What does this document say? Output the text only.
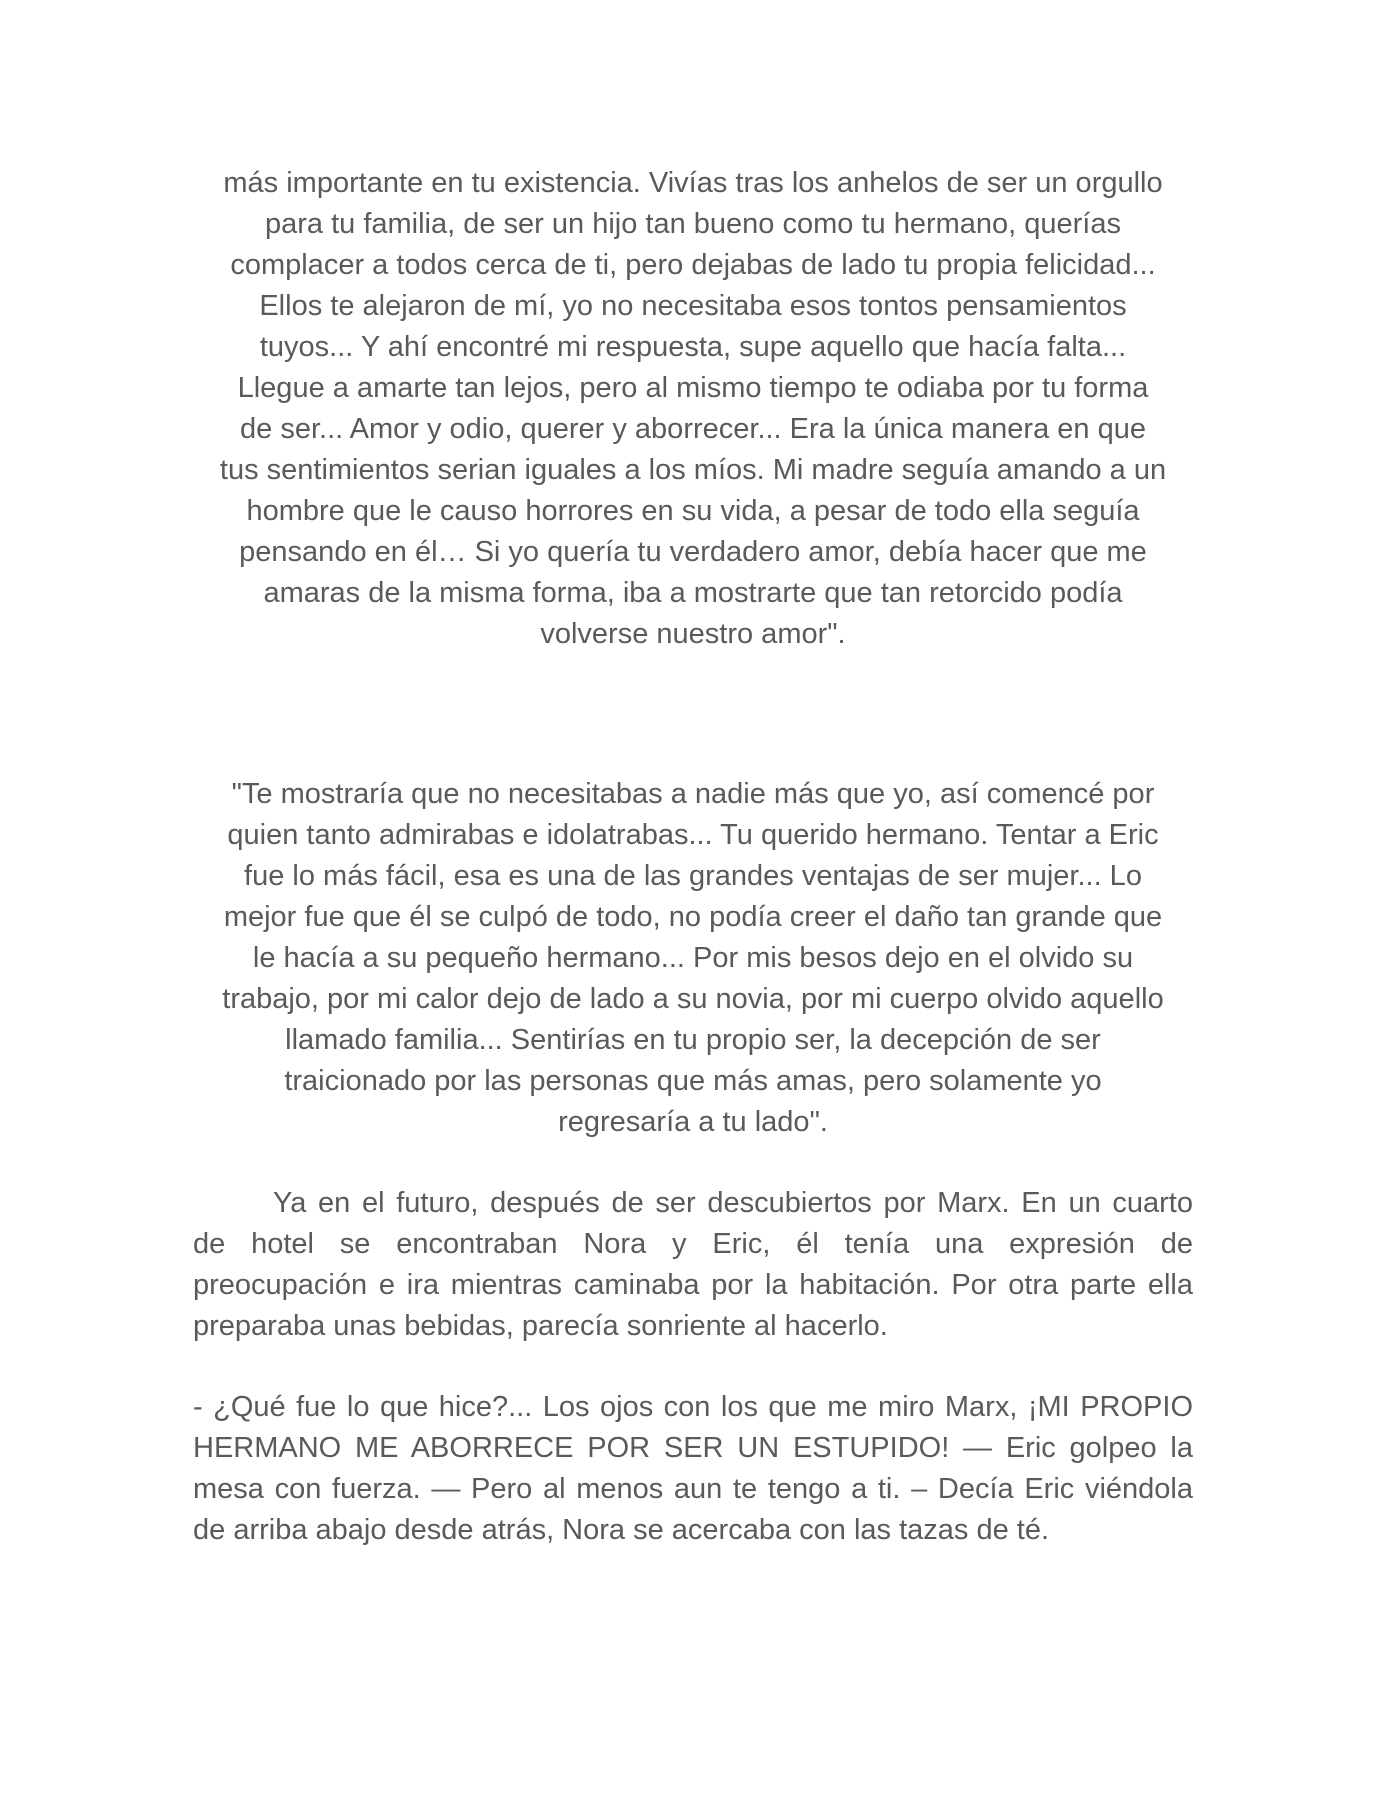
más importante en tu existencia. Vivías tras los anhelos de ser un orgullo
para tu familia, de ser un hijo tan bueno como tu hermano, querías
complacer a todos cerca de ti, pero dejabas de lado tu propia felicidad...
Ellos te alejaron de mí, yo no necesitaba esos tontos pensamientos
tuyos... Y ahí encontré mi respuesta, supe aquello que hacía falta...
Llegue a amarte tan lejos, pero al mismo tiempo te odiaba por tu forma
de ser... Amor y odio, querer y aborrecer... Era la única manera en que
tus sentimientos serian iguales a los míos. Mi madre seguía amando a un
hombre que le causo horrores en su vida, a pesar de todo ella seguía
pensando en él… Si yo quería tu verdadero amor, debía hacer que me
amaras de la misma forma, iba a mostrarte que tan retorcido podía
volverse nuestro amor".
"Te mostraría que no necesitabas a nadie más que yo, así comencé por
quien tanto admirabas e idolatrabas... Tu querido hermano. Tentar a Eric
fue lo más fácil, esa es una de las grandes ventajas de ser mujer... Lo
mejor fue que él se culpó de todo, no podía creer el daño tan grande que
le hacía a su pequeño hermano... Por mis besos dejo en el olvido su
trabajo, por mi calor dejo de lado a su novia, por mi cuerpo olvido aquello
llamado familia... Sentirías en tu propio ser, la decepción de ser
traicionado por las personas que más amas, pero solamente yo
regresaría a tu lado".
Ya en el futuro, después de ser descubiertos por Marx. En un cuarto
de hotel se encontraban Nora y Eric, él tenía una expresión de
preocupación e ira mientras caminaba por la habitación. Por otra parte ella
preparaba unas bebidas, parecía sonriente al hacerlo.
- ¿Qué fue lo que hice?... Los ojos con los que me miro Marx, ¡MI PROPIO
HERMANO ME ABORRECE POR SER UN ESTUPIDO! — Eric golpeo la
mesa con fuerza. — Pero al menos aun te tengo a ti. – Decía Eric viéndola
de arriba abajo desde atrás, Nora se acercaba con las tazas de té.
